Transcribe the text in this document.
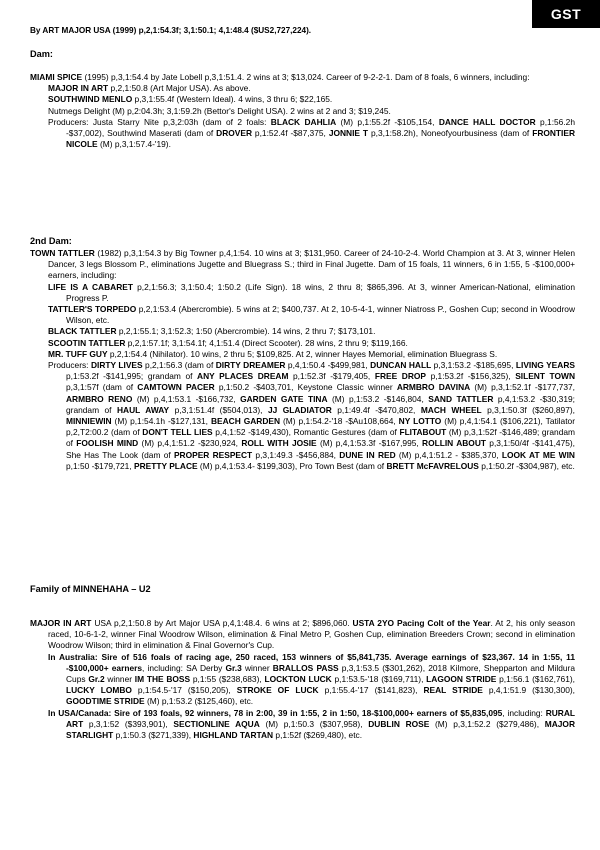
GST
By ART MAJOR USA (1999) p,2,1:54.3f; 3,1:50.1; 4,1:48.4 ($US2,727,224).
Dam:

MIAMI SPICE (1995) p,3,1:54.4 by Jate Lobell p,3,1:51.4. 2 wins at 3; $13,024. Career of 9-2-2-1. Dam of 8 foals, 6 winners, including:

MAJOR IN ART p,2,1:50.8 (Art Major USA). As above.

SOUTHWIND MENLO p,3,1:55.4f (Western Ideal). 4 wins, 3 thru 6; $22,165.

Nutmegs Delight (M) p,2:04.3h; 3,1:59.2h (Bettor's Delight USA). 2 wins at 2 and 3; $19,245.

Producers: Justa Starry Nite p,3,2:03h (dam of 2 foals: BLACK DAHLIA (M) p,1:55.2f -$105,154, DANCE HALL DOCTOR p,1:56.2h -$37,002), Southwind Maserati (dam of DROVER p,1:52.4f -$87,375, JONNIE T p,3,1:58.2h), Noneofyourbusiness (dam of FRONTIER NICOLE (M) p,3,1:57.4-'19).

2nd Dam:

TOWN TATTLER (1982) p,3,1:54.3 by Big Towner p,4,1:54. 10 wins at 3; $131,950. Career of 24-10-2-4. World Champion at 3. At 3, winner Helen Dancer, 3 legs Blossom P., eliminations Jugette and Bluegrass S.; third in Final Jugette. Dam of 15 foals, 11 winners, 6 in 1:55, 5 -$100,000+ earners, including:

LIFE IS A CABARET p,2,1:56.3; 3,1:50.4; 1:50.2 (Life Sign). 18 wins, 2 thru 8; $865,396. At 3, winner American-National, elimination Progress P.

TATTLER'S TORPEDO p,2,1:53.4 (Abercrombie). 5 wins at 2; $400,737. At 2, 10-5-4-1, winner Niatross P., Goshen Cup; second in Woodrow Wilson, etc.

BLACK TATTLER p,2,1:55.1; 3,1:52.3; 1:50 (Abercrombie). 14 wins, 2 thru 7; $173,101.

SCOOTIN TATTLER p,2,1:57.1f; 3,1:54.1f; 4,1:51.4 (Direct Scooter). 28 wins, 2 thru 9; $119,166.

MR. TUFF GUY p,2,1:54.4 (Nihilator). 10 wins, 2 thru 5; $109,825. At 2, winner Hayes Memorial, elimination Bluegrass S.

Producers: DIRTY LIVES p,2,1:56.3 (dam of DIRTY DREAMER p,4,1:50.4 -$499,981, DUNCAN HALL p,3,1:53.2 -$185,695, LIVING YEARS p,1:53.2f -$141,995; grandam of ANY PLACES DREAM p,1:52.3f -$179,405, FREE DROP p,1:53.2f -$156,325), SILENT TOWN p,3,1:57f (dam of CAMTOWN PACER p,1:50.2 -$403,701, Keystone Classic winner ARMBRO DAVINA (M) p,3,1:52.1f -$177,737, ARMBRO RENO (M) p,4,1:53.1 -$166,732, GARDEN GATE TINA (M) p,1:53.2 -$146,804, SAND TATTLER p,4,1:53.2 -$30,319; grandam of HAUL AWAY p,3,1:51.4f ($504,013), JJ GLADIATOR p,1:49.4f -$470,802, MACH WHEEL p,3,1:50.3f ($260,897), MINNIEWIN (M) p,1:54.1h -$127,131, BEACH GARDEN (M) p,1:54.2-'18 -$Au108,664, NY LOTTO (M) p,4,1:54.1 ($106,221), Tatilator p,2,T2:00.2 (dam of DON'T TELL LIES p,4,1:52 -$149,430), Romantic Gestures (dam of FLITABOUT (M) p,3,1:52f -$146,489; grandam of FOOLISH MIND (M) p,4,1:51.2 -$230,924, ROLL WITH JOSIE (M) p,4,1:53.3f -$167,995, ROLLIN ABOUT p,3,1:50/4f -$141,475), She Has The Look (dam of PROPER RESPECT p,3,1:49.3 -$456,884, DUNE IN RED (M) p,4,1:51.2 - $385,370, LOOK AT ME WIN p,1:50 -$179,721, PRETTY PLACE (M) p,4,1:53.4- $199,303), Pro Town Best (dam of BRETT McFAVRELOUS p,1:50.2f -$304,987), etc.

Family of MINNEHAHA – U2

MAJOR IN ART USA p,2,1:50.8 by Art Major USA p,4,1:48.4. 6 wins at 2; $896,060. USTA 2YO Pacing Colt of the Year. At 2, his only season raced, 10-6-1-2, winner Final Woodrow Wilson, elimination & Final Metro P, Goshen Cup, elimination Breeders Crown; second in elimination Woodrow Wilson; third in elimination & Final Governor's Cup.

In Australia: Sire of 516 foals of racing age, 250 raced, 153 winners of $5,841,735. Average earnings of $23,367. 14 in 1:55, 11 -$100,000+ earners, including: SA Derby Gr.3 winner BRALLOS PASS p,3,1:53.5 ($301,262), 2018 Kilmore, Shepparton and Mildura Cups Gr.2 winner IM THE BOSS p,1:55 ($238,683), LOCKTON LUCK p,1:53.5-'18 ($169,711), LAGOON STRIDE p,1:56.1 ($162,761), LUCKY LOMBO p,1:54.5-'17 ($150,205), STROKE OF LUCK p,1:55.4-'17 ($141,823), REAL STRIDE p,4,1:51.9 ($130,300), GOODTIME STRIDE (M) p,1:53.2 ($125,460), etc.

In USA/Canada: Sire of 193 foals, 92 winners, 78 in 2:00, 39 in 1:55, 2 in 1:50, 18-$100,000+ earners of $5,835,095, including: RURAL ART p,3,1:52 ($393,901), SECTIONLINE AQUA (M) p,1:50.3 ($307,958), DUBLIN ROSE (M) p,3,1:52.2 ($279,486), MAJOR STARLIGHT p,1:50.3 ($271,339), HIGHLAND TARTAN p,1:52f ($269,480), etc.
